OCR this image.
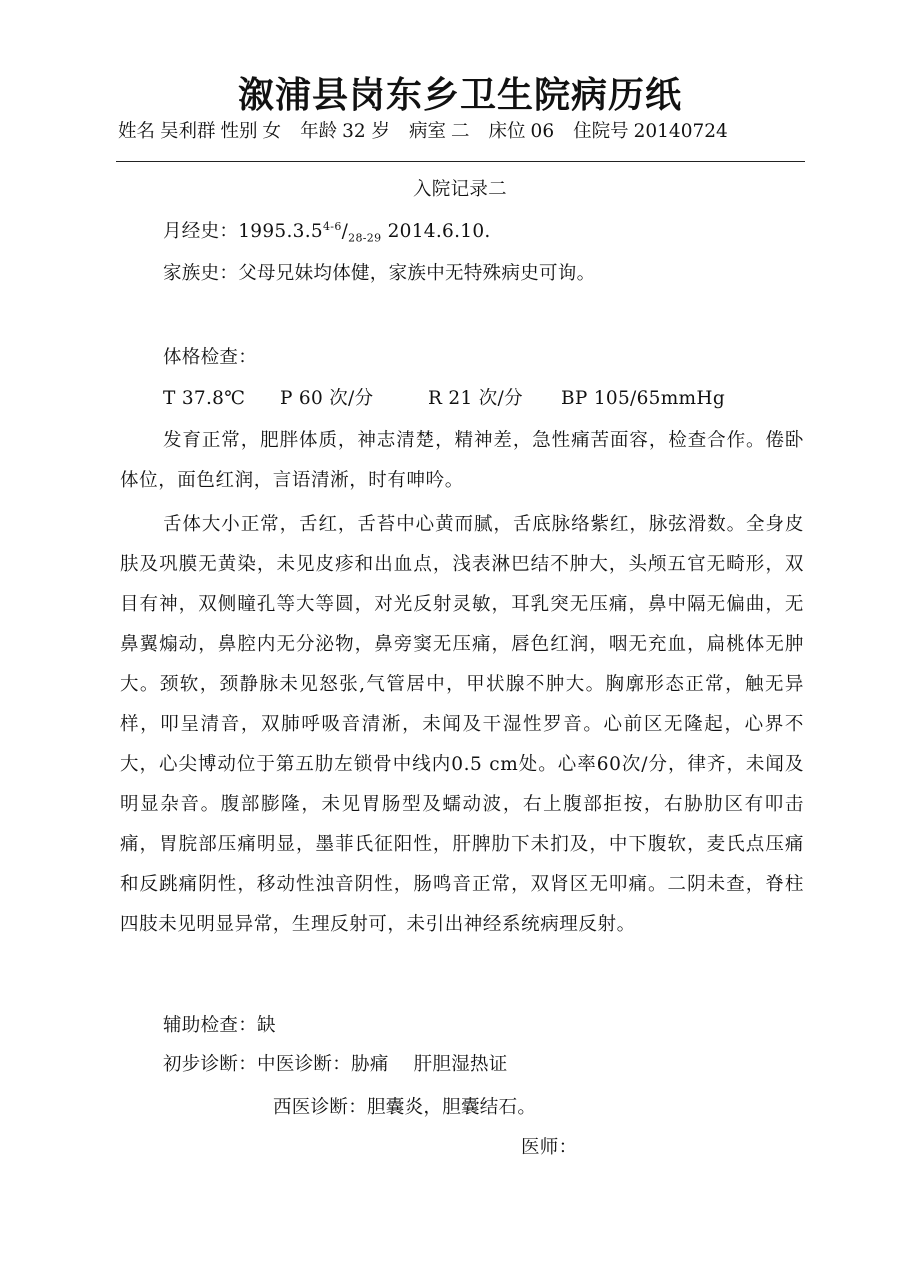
溆浦县岗东乡卫生院病历纸
姓名 吴利群 性别 女 年龄 32 岁 病室 二 床位 06 住院号 20140724
入院记录二
月经史：$1995.3.5^{4-6}/_{28-29}$ 2014.6.10.
家族史：父母兄妹均体健，家族中无特殊病史可询。
体格检查：
T 37.8℃ P 60 次/分	R 21 次/分 BP 105/65mmHg
发育正常，肥胖体质，神志清楚，精神差，急性痛苦面容，检查合作。倦卧体位，面色红润，言语清淅，时有呻吟。
舌体大小正常，舌红，舌苔中心黄而腻，舌底脉络紫红，脉弦滑数。全身皮肤及巩膜无黄染，未见皮疹和出血点，浅表淋巴结不肿大，头颅五官无畸形，双目有神，双侧瞳孔等大等圆，对光反射灵敏，耳乳突无压痛，鼻中隔无偏曲，无鼻翼煽动，鼻腔内无分泌物，鼻旁窦无压痛，唇色红润，咽无充血，扁桃体无肿大。颈软，颈静脉未见怒张,气管居中，甲状腺不肿大。胸廓形态正常，触无异样，叩呈清音，双肺呼吸音清淅，未闻及干湿性罗音。心前区无隆起，心界不大，心尖博动位于第五肋左锁骨中线内0.5 cm处。心率60次/分，律齐，未闻及明显杂音。腹部膨隆，未见胃肠型及蠕动波，右上腹部拒按，右胁肋区有叩击痛，胃脘部压痛明显，墨菲氏征阳性，肝脾肋下未扪及，中下腹软，麦氏点压痛和反跳痛阴性，移动性浊音阴性，肠鸣音正常，双肾区无叩痛。二阴未查，脊柱四肢未见明显异常，生理反射可，未引出神经系统病理反射。
辅助检查：缺
初步诊断：中医诊断：胁痛　 肝胆湿热证
西医诊断：胆囊炎，胆囊结石。
医师：
